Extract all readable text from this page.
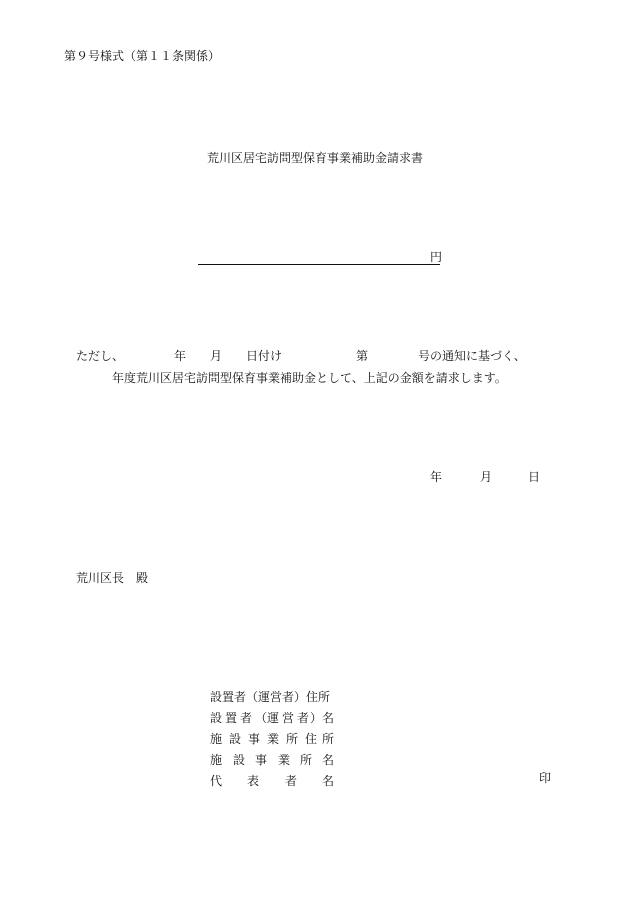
第９号様式（第１１条関係）
荒川区居宅訪問型保育事業補助金請求書
円
ただし、	年 月 日付け	第	号の通知に基づく、
年度荒川区居宅訪問型保育事業補助金として、上記の金額を請求します。
年	月	日
荒川区長　殿
設置者（運営者）住所
設 置 者 （ 運 営 者 ） 名
施 設 事 業 所 住 所
施 設 事 業 所 名
代 表 者 名	印
